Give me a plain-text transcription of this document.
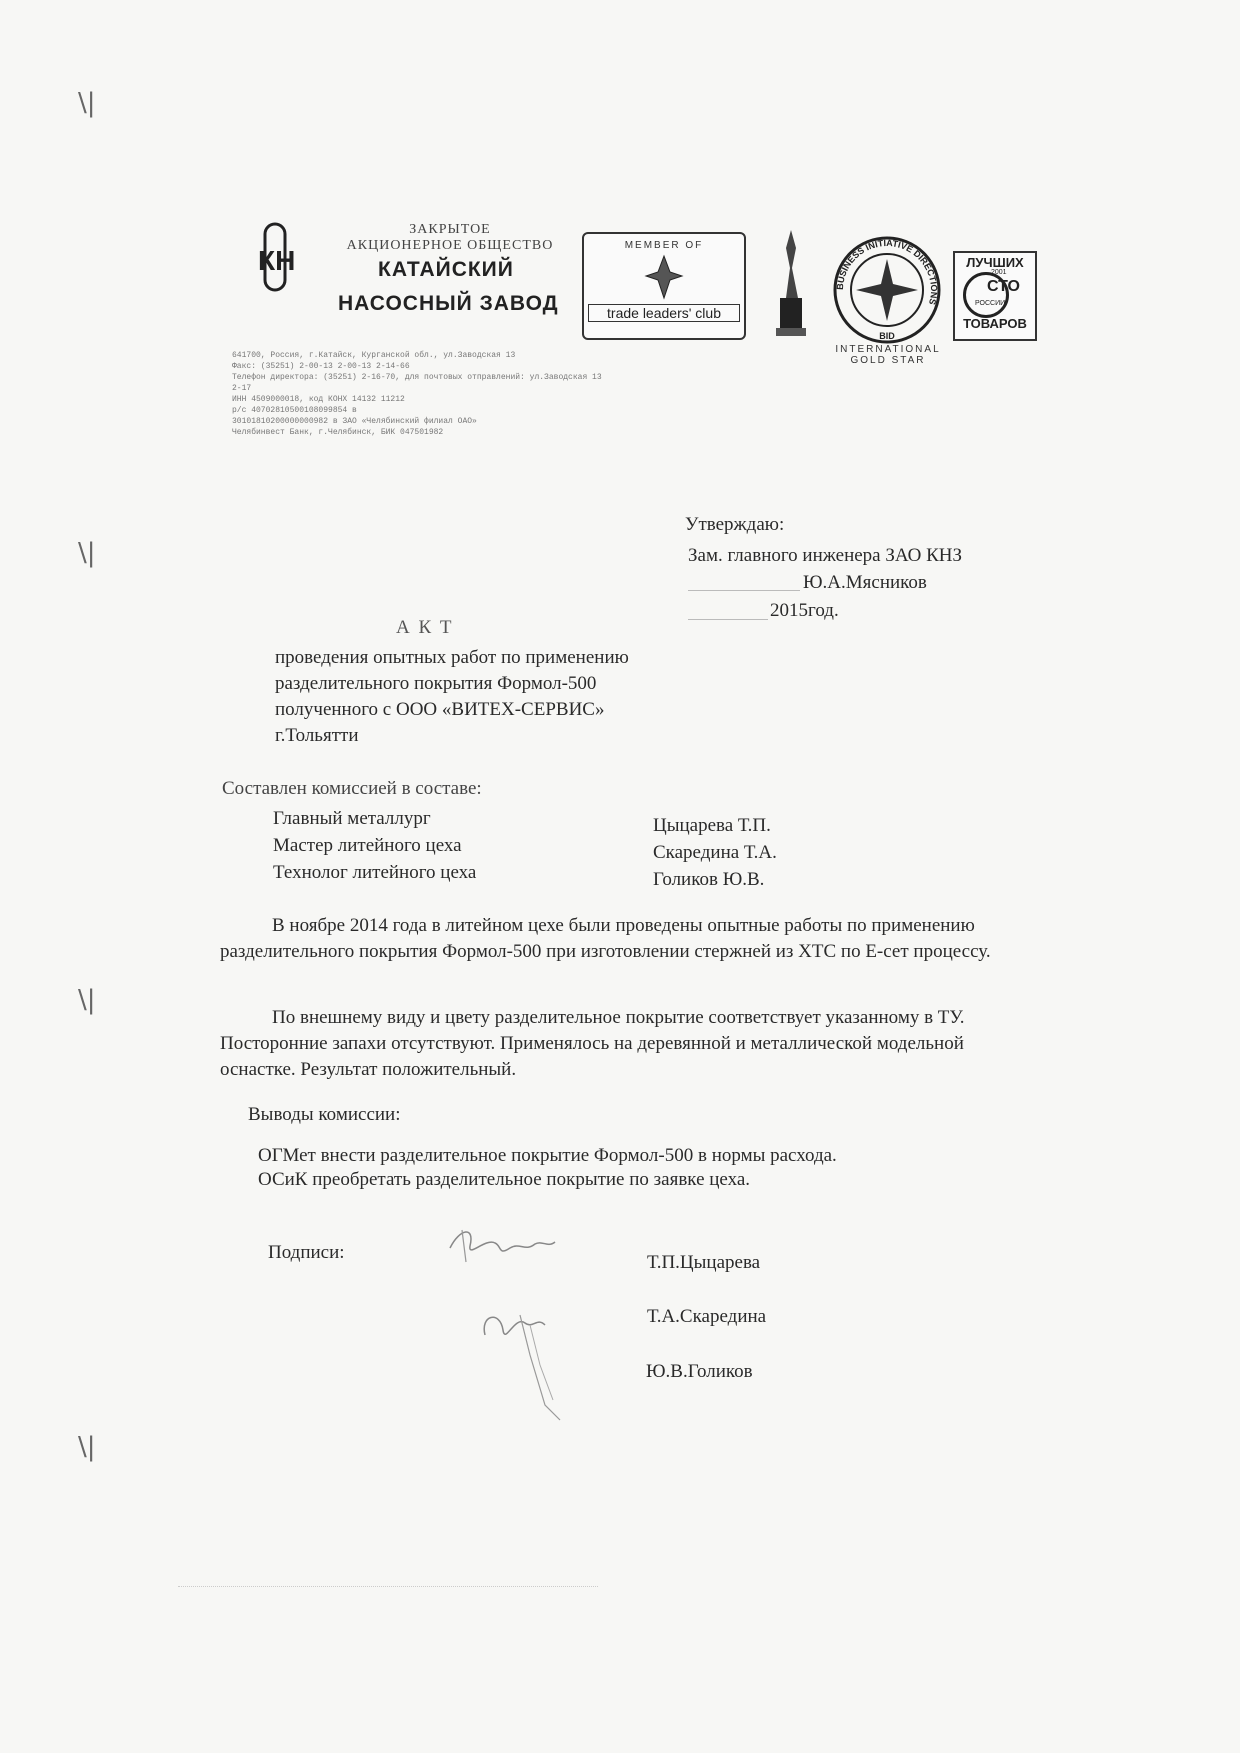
\|
\|
\|
\|
КН
ЗАКРЫТОЕ
АКЦИОНЕРНОЕ ОБЩЕСТВО
КАТАЙСКИЙ
НАСОСНЫЙ ЗАВОД
641700, Россия, г.Катайск, Курганской обл., ул.Заводская 13
Факс: (35251) 2-00-13 2-00-13 2-14-66
Телефон директора: (35251) 2-16-70, для почтовых отправлений: ул.Заводская 13
2-17
ИНН 4509000018, код КОНХ 14132 11212
р/с 40702810500108099854 в
30101810200000000982 в ЗАО «Челябинский филиал ОАО»
Челябинвест Банк, г.Челябинск, БИК 047501982
MEMBER OF
trade leaders' club
BUSINESS INITIATIVE DIRECTIONS
BID
INTERNATIONAL
GOLD STAR
ЛУЧШИХ
СТО
РОССИИ
2001
ТОВАРОВ
Утверждаю:
Зам. главного инженера ЗАО КНЗ
Ю.А.Мясников
2015год.
А К Т
проведения опытных работ по применению
разделительного покрытия Формол-500
полученного с ООО «ВИТЕХ-СЕРВИС»
г.Тольятти
Составлен комиссией в составе:
Главный металлург	Цыцарева Т.П.
Мастер литейного цеха	Скаредина Т.А.
Технолог литейного цеха	Голиков Ю.В.
В ноябре 2014 года в литейном цехе были проведены опытные работы по применению разделительного покрытия Формол-500 при изготовлении стержней из ХТС по Е-сет процессу.
По внешнему виду и цвету разделительное покрытие соответствует указанному в ТУ. Посторонние запахи отсутствуют. Применялось на деревянной и металлической модельной оснастке. Результат положительный.
Выводы комиссии:
ОГМет внести разделительное покрытие Формол-500 в нормы расхода.
ОСиК преобретать разделительное покрытие по заявке цеха.
Подписи:	Т.П.Цыцарева
Т.А.Скаредина
Ю.В.Голиков
